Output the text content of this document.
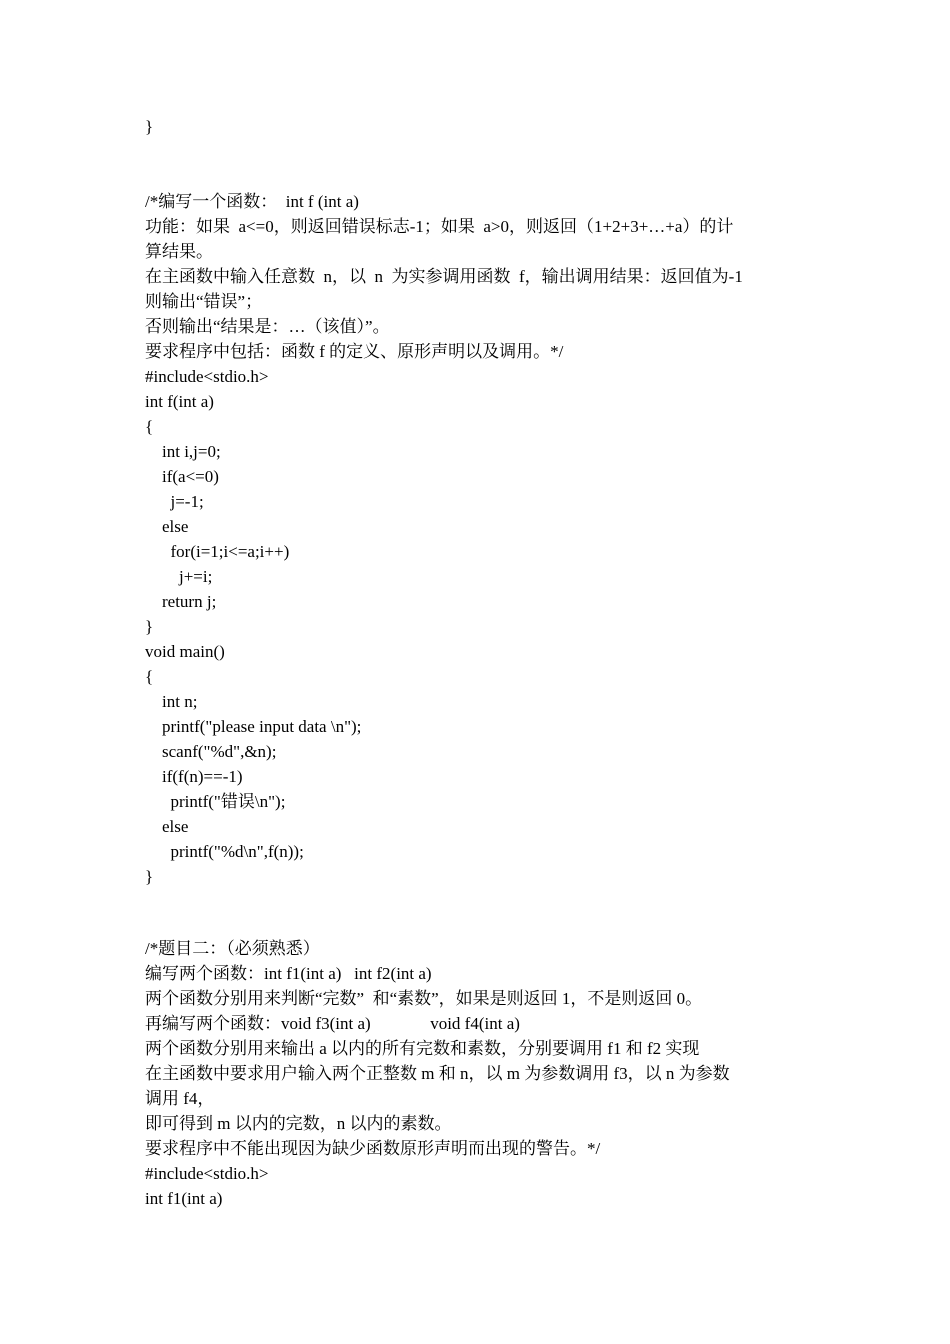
}
/*编写一个函数：  int f (int a)
功能：如果  a<=0，则返回错误标志-1；如果  a>0，则返回（1+2+3+…+a）的计
算结果。
在主函数中输入任意数  n，以  n  为实参调用函数  f，输出调用结果：返回值为-1
则输出“错误”；
否则输出“结果是：…（该值）”。
要求程序中包括：函数 f 的定义、原形声明以及调用。*/
#include<stdio.h>
int f(int a)
{
int i,j=0;
if(a<=0)
j=-1;
else
for(i=1;i<=a;i++)
j+=i;
return j;
}
void main()
{
int n;
printf("please input data \n");
scanf("%d",&n);
if(f(n)==-1)
printf("错误\n");
else
printf("%d\n",f(n));
}
/*题目二：（必须熟悉）
编写两个函数：int f1(int a)   int f2(int a)
两个函数分别用来判断“完数”  和“素数”，如果是则返回 1，不是则返回 0。
再编写两个函数：void f3(int a)              void f4(int a)
两个函数分别用来输出 a 以内的所有完数和素数，分别要调用 f1 和 f2 实现
在主函数中要求用户输入两个正整数 m 和 n，以 m 为参数调用 f3，以 n 为参数
调用 f4，
即可得到 m 以内的完数，n 以内的素数。
要求程序中不能出现因为缺少函数原形声明而出现的警告。*/
#include<stdio.h>
int f1(int a)
